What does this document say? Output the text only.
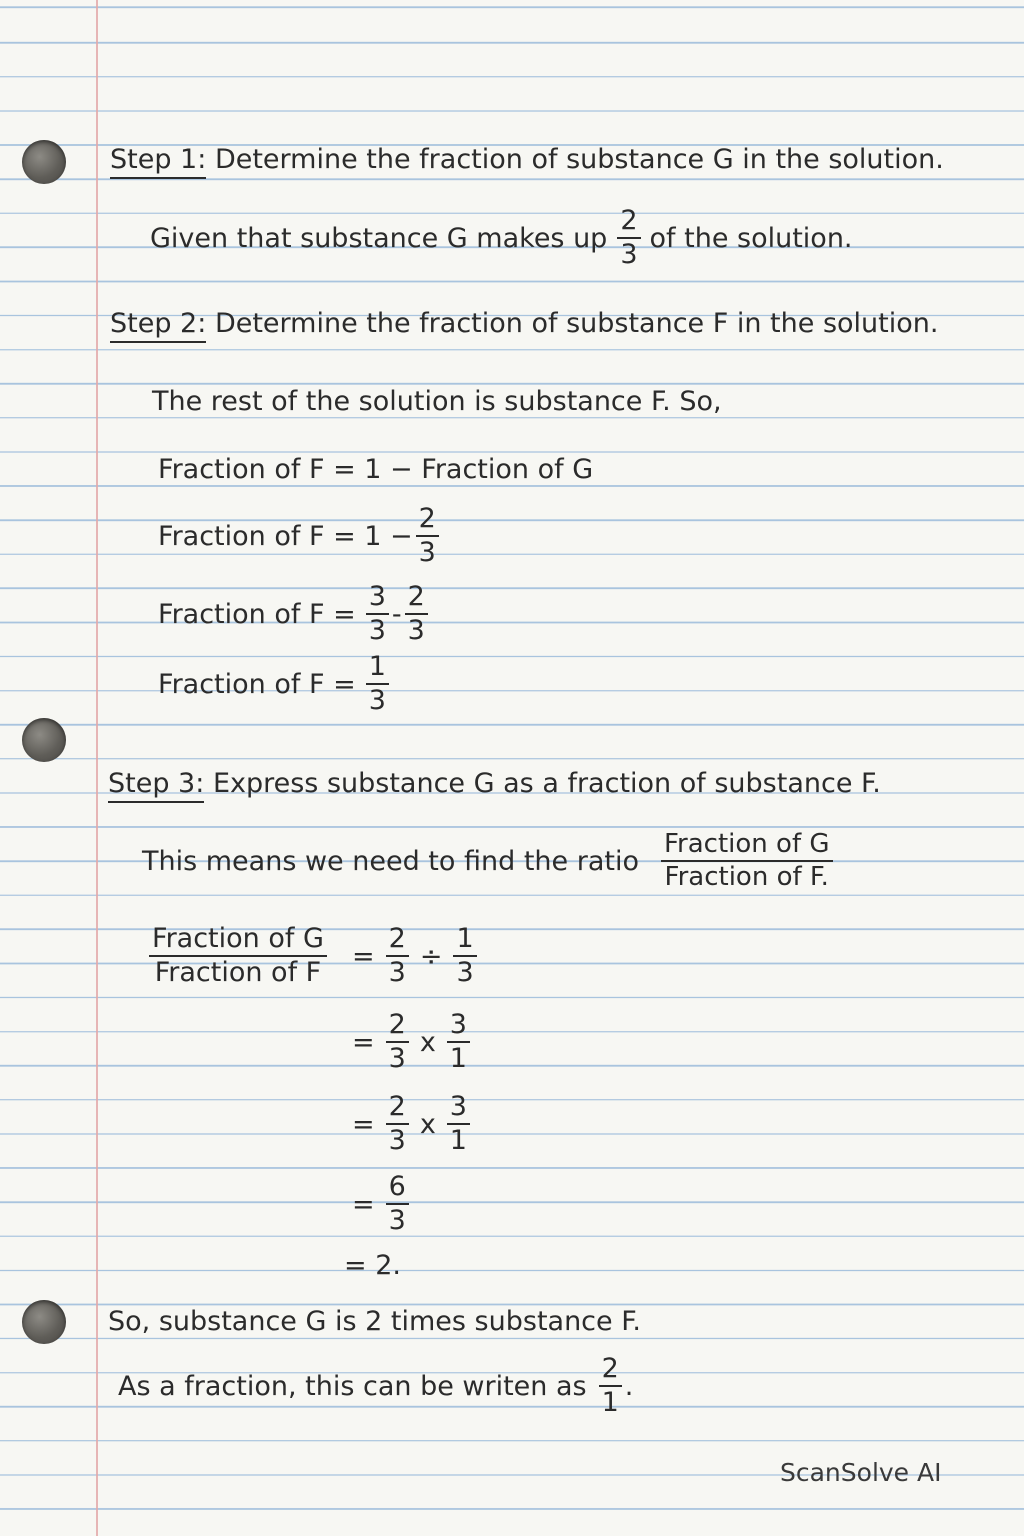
Step 1: Determine the fraction of substance G in the solution.

Given that substance G makes up $\frac{2}{3}$ of the solution.

Step 2: Determine the fraction of substance F in the solution.

The rest of the solution is substance F. So,

Fraction of F = 1 − Fraction of G

Fraction of $F = 1 - \frac{2}{3}$
Fraction of $F = \frac{3}{3} - \frac{2}{3}$
Fraction of $F = \frac{1}{3}$

Step 3: Express substance G as a fraction of substance F.

This means we need to find the ratio $\frac{\text{Fraction of G}}{\text{Fraction of F.}}$
$\frac{\text{Fraction of G}}{\text{Fraction of F}} = \frac{2}{3} \div \frac{1}{3}$
= $\frac{2}{3}$ x $\frac{3}{1}$
= $\frac{2}{3}$ x $\frac{3}{1}$
= $\frac{6}{3}$

= 2.

So, substance G is 2 times substance F.

As a fraction, this can be writen as $\frac{2}{1}$ .
ScanSolve AI
